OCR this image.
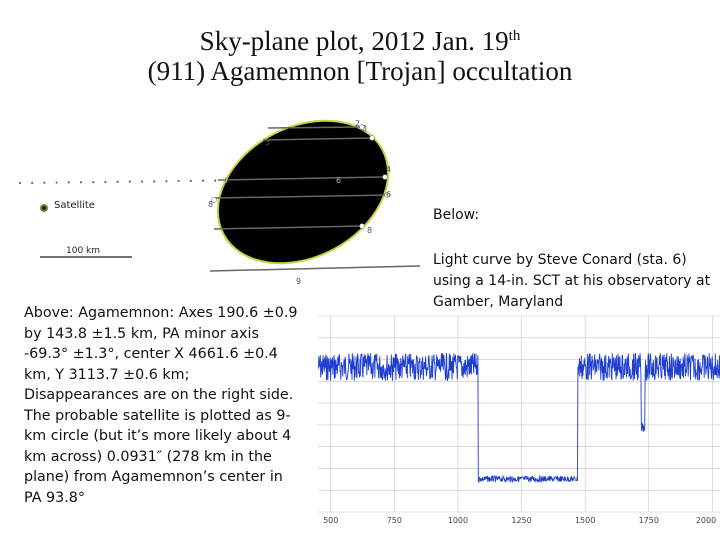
Sky-plane plot, 2012 Jan. 19th
(911) Agamemnon [Trojan] occultation
2
3
3
4
4	6
6
8
8
9
Satellite
100 km
Below:
Light curve by Steve Conard (sta. 6) using a 14-in. SCT at his observatory at Gamber, Maryland
Above: Agamemnon: Axes 190.6 ±0.9 by 143.8 ±1.5 km, PA minor axis -69.3° ±1.3°, center X 4661.6 ±0.4 km, Y 3113.7 ±0.6 km; Disappearances are on the right side. The probable satellite is plotted as 9-km circle (but it’s more likely about 4 km across) 0.0931″ (278 km in the plane) from Agamemnon’s center in PA 93.8°
500	750	1000	1250	1500	1750	2000
